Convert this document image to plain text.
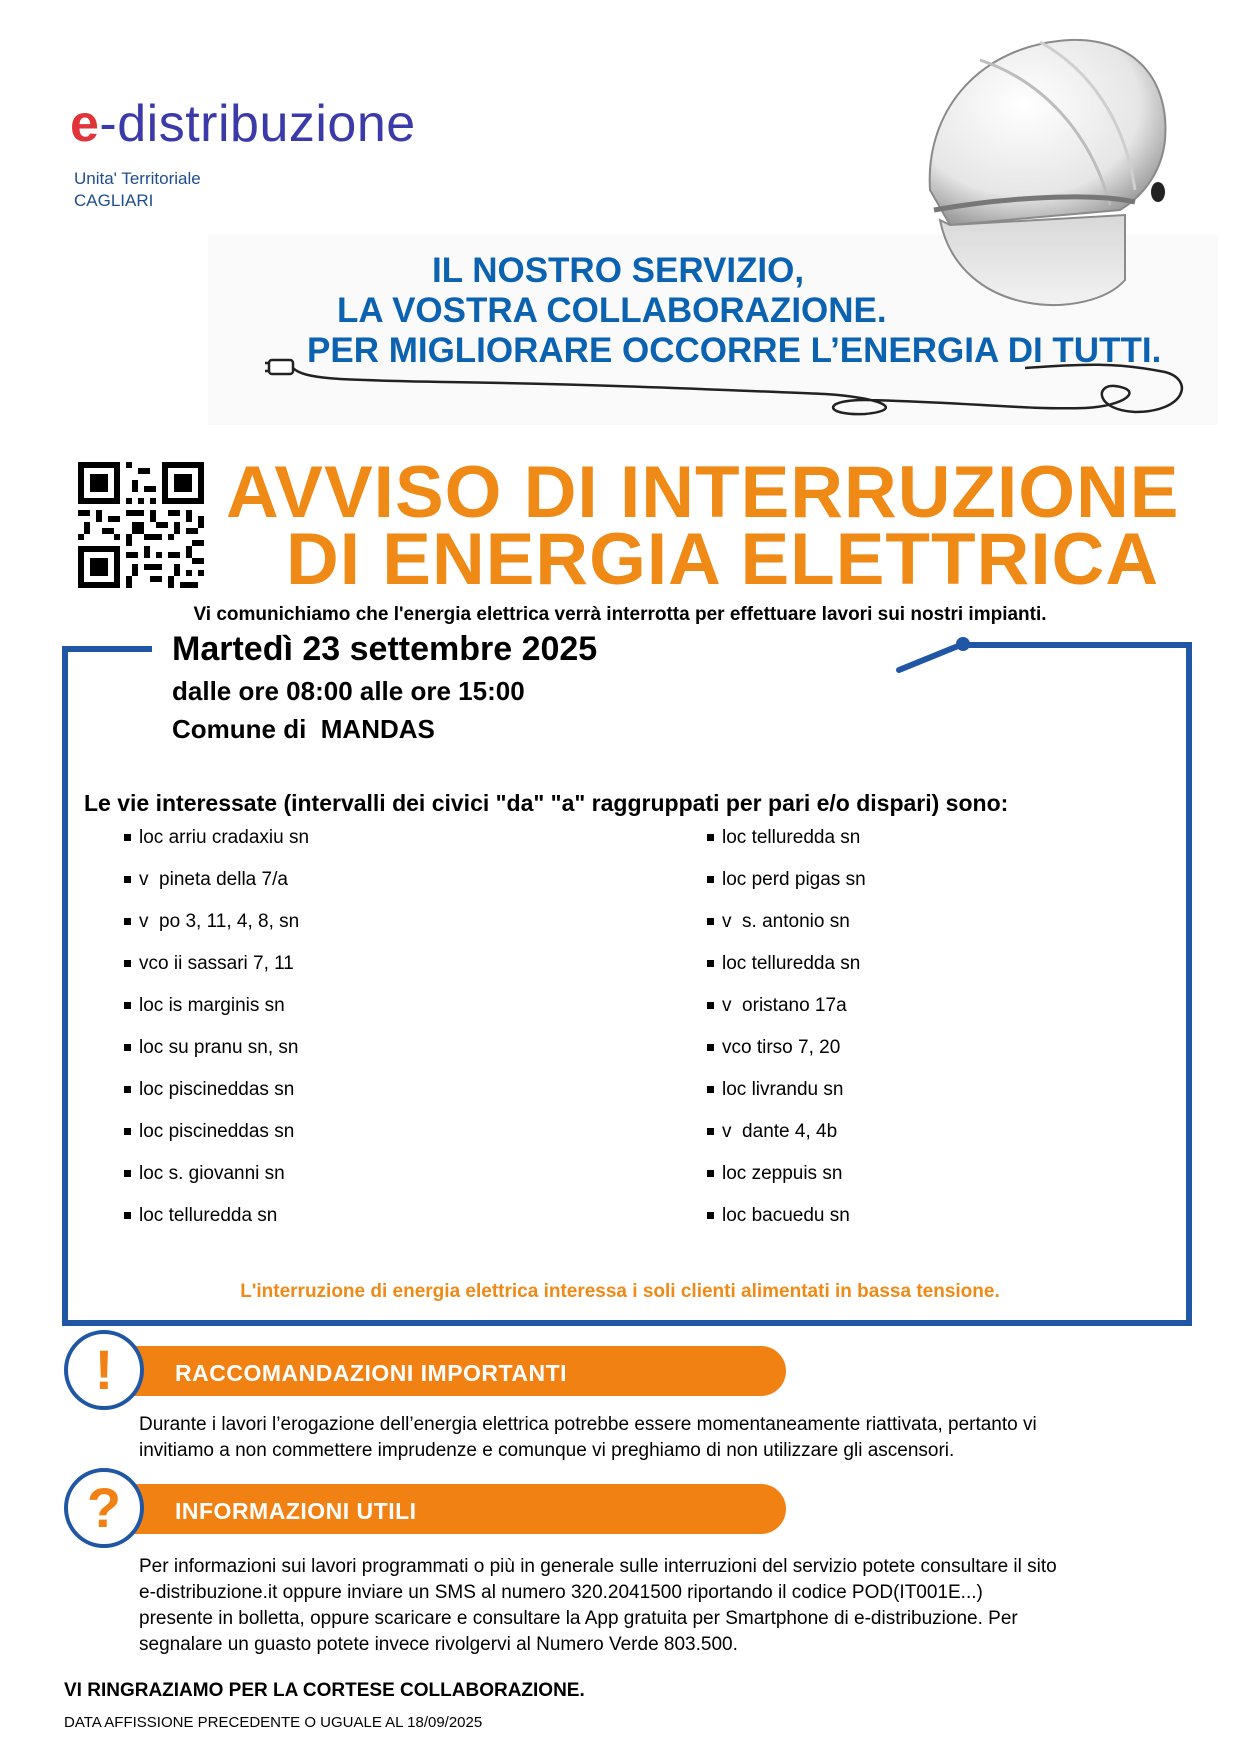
e-distribuzione
Unita' Territoriale
CAGLIARI
IL NOSTRO SERVIZIO,
LA VOSTRA COLLABORAZIONE.
PER MIGLIORARE OCCORRE L’ENERGIA DI TUTTI.
AVVISO DI INTERRUZIONE
DI ENERGIA ELETTRICA
Vi comunichiamo che l'energia elettrica verrà interrotta per effettuare lavori sui nostri impianti.
Martedì 23 settembre 2025
dalle ore 08:00 alle ore 15:00
Comune di  MANDAS
Le vie interessate (intervalli dei civici "da" "a" raggruppati per pari e/o dispari) sono:
loc arriu cradaxiu sn
v  pineta della 7/a
v  po 3, 11, 4, 8, sn
vco ii sassari 7, 11
loc is marginis sn
loc su pranu sn, sn
loc piscineddas sn
loc piscineddas sn
loc s. giovanni sn
loc telluredda sn
loc telluredda sn
loc perd pigas sn
v  s. antonio sn
loc telluredda sn
v  oristano 17a
vco tirso 7, 20
loc livrandu sn
v  dante 4, 4b
loc zeppuis sn
loc bacuedu sn
L'interruzione di energia elettrica interessa i soli clienti alimentati in bassa tensione.
RACCOMANDAZIONI IMPORTANTI
!
Durante i lavori l’erogazione dell’energia elettrica potrebbe essere momentaneamente riattivata, pertanto vi
invitiamo a non commettere imprudenze e comunque vi preghiamo di non utilizzare gli ascensori.
INFORMAZIONI UTILI
?
Per informazioni sui lavori programmati o più in generale sulle interruzioni del servizio potete consultare il sito
e-distribuzione.it oppure inviare un SMS al numero 320.2041500 riportando il codice POD(IT001E...)
presente in bolletta, oppure scaricare e consultare la App gratuita per Smartphone di e-distribuzione. Per
segnalare un guasto potete invece rivolgervi al Numero Verde 803.500.
VI RINGRAZIAMO PER LA CORTESE COLLABORAZIONE.
DATA AFFISSIONE PRECEDENTE O UGUALE AL 18/09/2025
